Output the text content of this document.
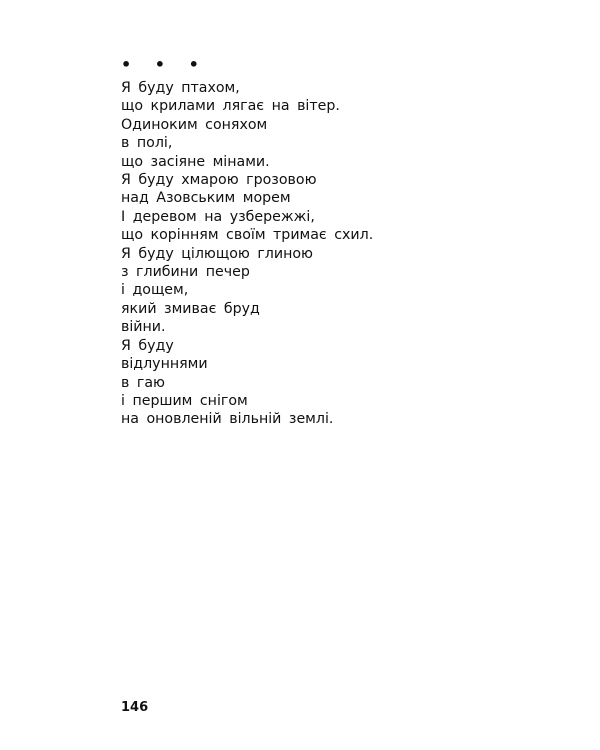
• • •
Я буду птахом,
що крилами лягає на вітер.
Одиноким соняхом
в полі,
що засіяне мінами.
Я буду хмарою грозовою
над Азовським морем
І деревом на узбережжі,
що корінням своїм тримає схил.
Я буду цілющою глиною
з глибини печер
і дощем,
який змиває бруд
війни.
Я буду
відлуннями
в гаю
і першим снігом
на оновленій вільній землі.
146
